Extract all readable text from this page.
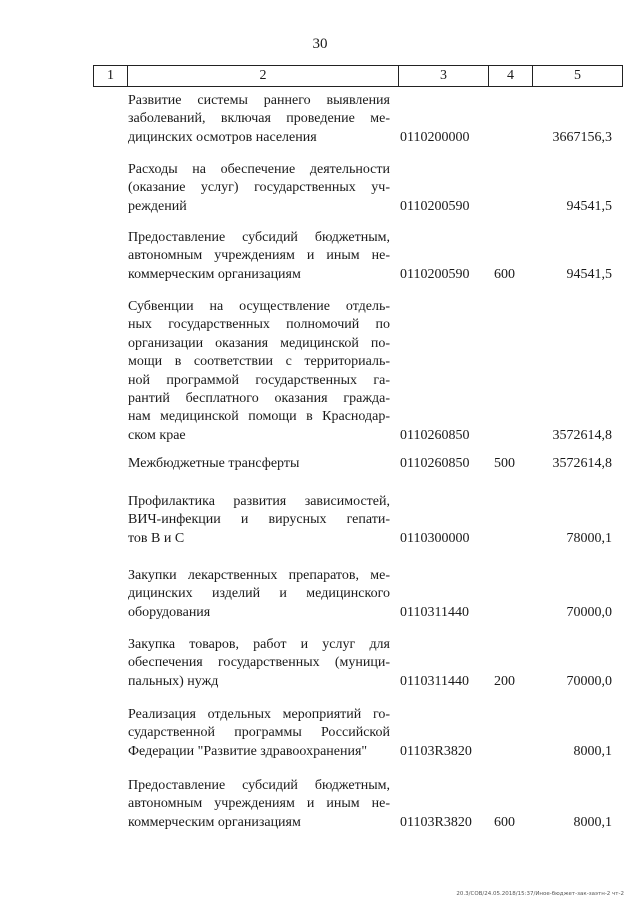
30
1	2	3	4	5
Развитие системы раннего выявления
заболеваний, включая проведение ме-
дицинских осмотров населения	0110200000	3667156,3
Расходы на обеспечение деятельности
(оказание услуг) государственных уч-
реждений	0110200590	94541,5
Предоставление субсидий бюджетным,
автономным учреждениям и иным не-
коммерческим организациям	0110200590 600	94541,5
Субвенции на осуществление отдель-
ных государственных полномочий по
организации оказания медицинской по-
мощи в соответствии с территориаль-
ной программой государственных га-
рантий бесплатного оказания гражда-
нам медицинской помощи в Краснодар-
ском крае	0110260850	3572614,8
Межбюджетные трансферты	0110260850 500	3572614,8
Профилактика развития зависимостей,
ВИЧ-инфекции и вирусных гепати-
тов В и С	0110300000	78000,1
Закупки лекарственных препаратов, ме-
дицинских изделий и медицинского
оборудования	0110311440	70000,0
Закупка товаров, работ и услуг для
обеспечения государственных (муници-
пальных) нужд	0110311440 200	70000,0
Реализация отдельных мероприятий го-
сударственной программы Российской
Федерации "Развитие здравоохранения"	01103R3820	8000,1
Предоставление субсидий бюджетным,
автономным учреждениям и иным не-
коммерческим организациям	01103R3820 600	8000,1
20.3/СОВ/24.05.2018/15:37/Иное-бюджет-зак-заэтн-2 чт-2
